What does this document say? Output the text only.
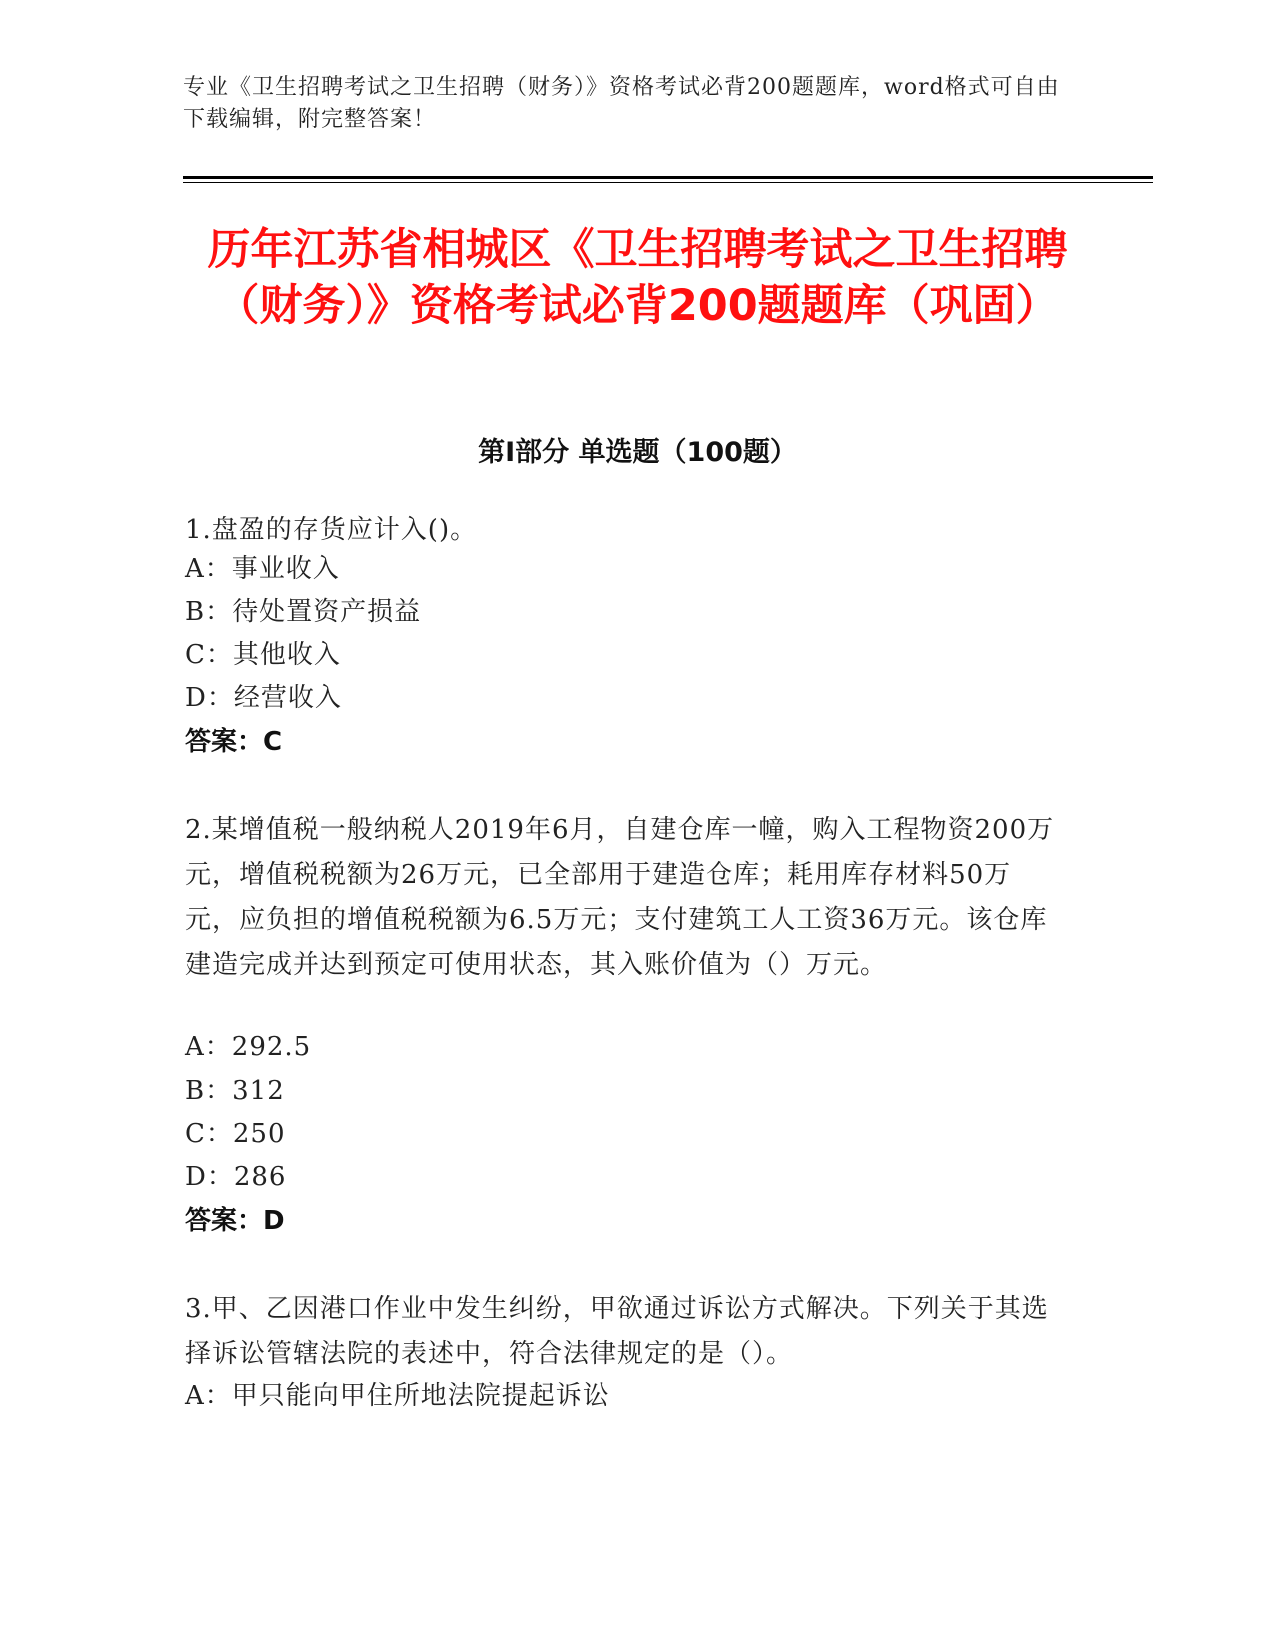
专业《卫生招聘考试之卫生招聘（财务）》资格考试必背200题题库，word格式可自由下载编辑，附完整答案！
历年江苏省相城区《卫生招聘考试之卫生招聘（财务）》资格考试必背200题题库（巩固）
第I部分 单选题（100题）
1.盘盈的存货应计入()。
A：事业收入
B：待处置资产损益
C：其他收入
D：经营收入
答案：C
2.某增值税一般纳税人2019年6月，自建仓库一幢，购入工程物资200万元，增值税税额为26万元，已全部用于建造仓库；耗用库存材料50万元，应负担的增值税税额为6.5万元；支付建筑工人工资36万元。该仓库建造完成并达到预定可使用状态，其入账价值为（）万元。
A：292.5
B：312
C：250
D：286
答案：D
3.甲、乙因港口作业中发生纠纷，甲欲通过诉讼方式解决。下列关于其选择诉讼管辖法院的表述中，符合法律规定的是（）。
A：甲只能向甲住所地法院提起诉讼
